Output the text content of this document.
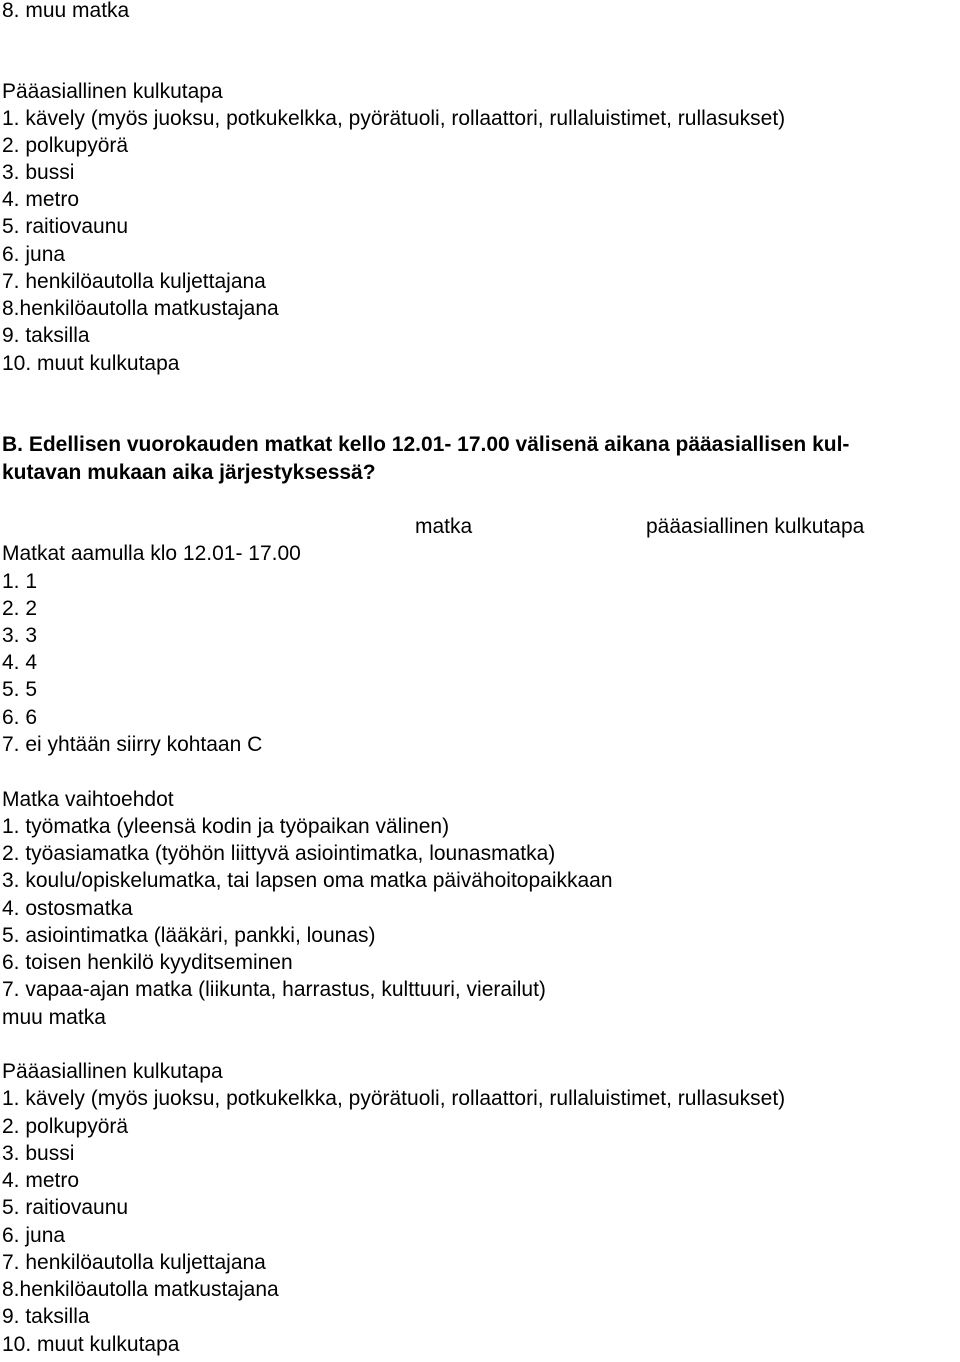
8. muu matka
Pääasiallinen kulkutapa
1. kävely (myös juoksu, potkukelkka, pyörätuoli, rollaattori, rullaluistimet, rullasukset)
2. polkupyörä
3. bussi
4. metro
5. raitiovaunu
6. juna
7. henkilöautolla kuljettajana
8.henkilöautolla matkustajana
9. taksilla
10. muut kulkutapa
B. Edellisen vuorokauden matkat kello 12.01- 17.00 välisenä aikana pääasiallisen kul-
kutavan mukaan aika järjestyksessä?
matka	pääasiallinen kulkutapa
Matkat aamulla klo 12.01- 17.00
1. 1
2. 2
3. 3
4. 4
5. 5
6. 6
7. ei yhtään siirry kohtaan C
Matka vaihtoehdot
1. työmatka (yleensä kodin ja työpaikan välinen)
2. työasiamatka (työhön liittyvä asiointimatka, lounasmatka)
3. koulu/opiskelumatka, tai lapsen oma matka päivähoitopaikkaan
4. ostosmatka
5. asiointimatka (lääkäri, pankki, lounas)
6. toisen henkilö kyyditseminen
7. vapaa-ajan matka (liikunta, harrastus, kulttuuri, vierailut)
muu matka
Pääasiallinen kulkutapa
1. kävely (myös juoksu, potkukelkka, pyörätuoli, rollaattori, rullaluistimet, rullasukset)
2. polkupyörä
3. bussi
4. metro
5. raitiovaunu
6. juna
7. henkilöautolla kuljettajana
8.henkilöautolla matkustajana
9. taksilla
10. muut kulkutapa
